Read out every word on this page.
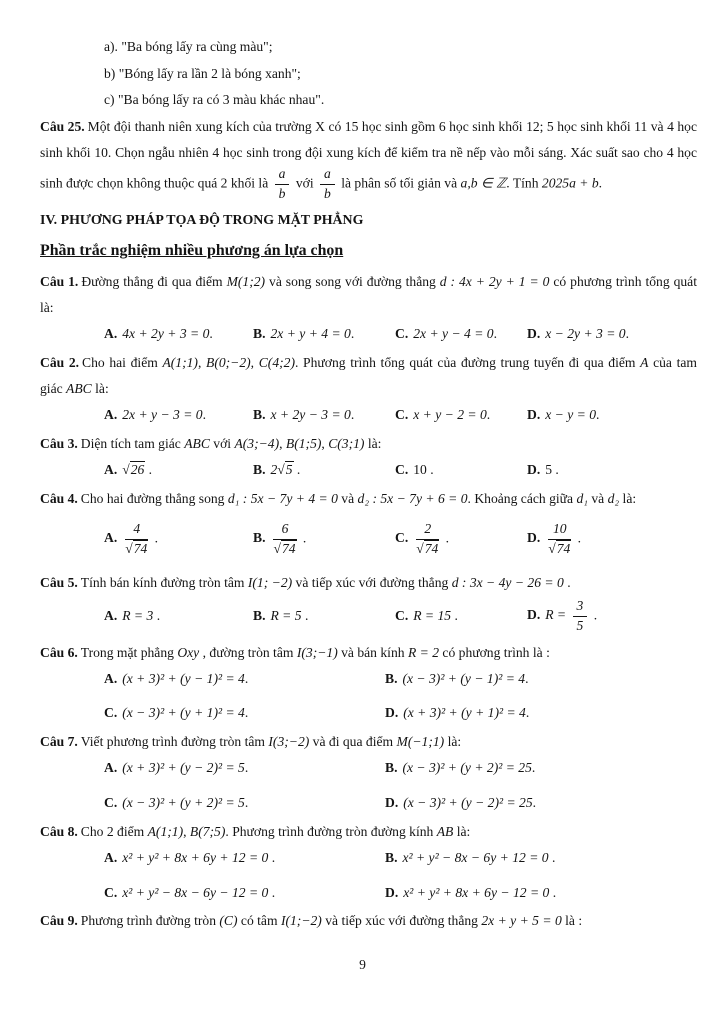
a). "Ba bóng lấy ra cùng màu";

b) "Bóng lấy ra lần 2 là bóng xanh";

c) "Ba bóng lấy ra có 3 màu khác nhau".

Câu 25. Một đội thanh niên xung kích của trường X có 15 học sinh gồm 6 học sinh khối 12; 5 học sinh khối 11 và 4 học sinh khối 10. Chọn ngẫu nhiên 4 học sinh trong đội xung kích để kiểm tra nề nếp vào mỗi sáng. Xác suất sao cho 4 học sinh được chọn không thuộc quá 2 khối là $\frac{a}{b}$ với $\frac{a}{b}$ là phân số tối giản và a,b ∈ ℤ. Tính 2025a + b.

IV. PHƯƠNG PHÁP TỌA ĐỘ TRONG MẶT PHẲNG
Phần trắc nghiệm nhiều phương án lựa chọn

Câu 1. Đường thẳng đi qua điểm M(1;2) và song song với đường thẳng d : 4x + 2y + 1 = 0 có phương trình tổng quát là:

A. 4x + 2y + 3 = 0.	B. 2x + y + 4 = 0.	C. 2x + y − 4 = 0.	D. x − 2y + 3 = 0.

Câu 2. Cho hai điểm A(1;1), B(0;−2), C(4;2). Phương trình tổng quát của đường trung tuyến đi qua điểm A của tam giác ABC là:

A. 2x + y − 3 = 0.	B. x + 2y − 3 = 0.	C. x + y − 2 = 0.	D. x − y = 0.

Câu 3. Diện tích tam giác ABC với A(3;−4), B(1;5), C(3;1) là:

A. √26 .	B. 2√5 .	C. 10 .	D. 5 .

Câu 4. Cho hai đường thẳng song d₁ : 5x − 7y + 4 = 0 và d₂ : 5x − 7y + 6 = 0. Khoảng cách giữa d₁ và d₂ là:

A. $\frac{4}{√74}$ .	B. $\frac{6}{√74}$ .	C. $\frac{2}{√74}$ .	D. $\frac{10}{√74}$ .

Câu 5. Tính bán kính đường tròn tâm I(1; −2) và tiếp xúc với đường thẳng d : 3x − 4y − 26 = 0 .

A. R = 3 .	B. R = 5 .	C. R = 15 .	D. $R = \frac{3}{5}$ .

Câu 6. Trong mặt phẳng Oxy , đường tròn tâm I(3;−1) và bán kính R = 2 có phương trình là :

A. (x + 3)² + (y − 1)² = 4.	B. (x − 3)² + (y − 1)² = 4.
C. (x − 3)² + (y + 1)² = 4.	D. (x + 3)² + (y + 1)² = 4.

Câu 7. Viết phương trình đường tròn tâm I(3;−2) và đi qua điểm M(−1;1) là:

A. (x + 3)² + (y − 2)² = 5.	B. (x − 3)² + (y + 2)² = 25.
C. (x − 3)² + (y + 2)² = 5.	D. (x − 3)² + (y − 2)² = 25.

Câu 8. Cho 2 điểm A(1;1), B(7;5). Phương trình đường tròn đường kính AB là:

A. x² + y² + 8x + 6y + 12 = 0 .	B. x² + y² − 8x − 6y + 12 = 0 .
C. x² + y² − 8x − 6y − 12 = 0 .	D. x² + y² + 8x + 6y − 12 = 0 .

Câu 9. Phương trình đường tròn (C) có tâm I(1;−2) và tiếp xúc với đường thẳng 2x + y + 5 = 0 là :

9
